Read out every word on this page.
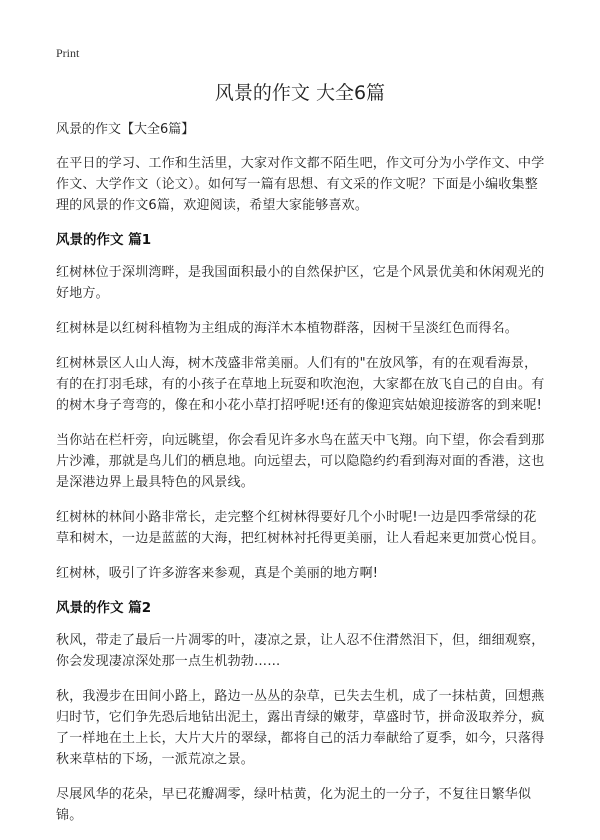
Print
风景的作文 大全6篇

风景的作文【大全6篇】

在平日的学习、工作和生活里，大家对作文都不陌生吧，作文可分为小学作文、中学作文、大学作文（论文）。如何写一篇有思想、有文采的作文呢？下面是小编收集整理的风景的作文6篇，欢迎阅读，希望大家能够喜欢。

风景的作文 篇1

红树林位于深圳湾畔，是我国面积最小的自然保护区，它是个风景优美和休闲观光的好地方。

红树林是以红树科植物为主组成的海洋木本植物群落，因树干呈淡红色而得名。

红树林景区人山人海，树木茂盛非常美丽。人们有的"在放风筝，有的在观看海景，有的在打羽毛球，有的小孩子在草地上玩耍和吹泡泡，大家都在放飞自己的自由。有的树木身子弯弯的，像在和小花小草打招呼呢!还有的像迎宾姑娘迎接游客的到来呢!

当你站在栏杆旁，向远眺望，你会看见许多水鸟在蓝天中飞翔。向下望，你会看到那片沙滩，那就是鸟儿们的栖息地。向远望去，可以隐隐约约看到海对面的香港，这也是深港边界上最具特色的风景线。

红树林的林间小路非常长，走完整个红树林得要好几个小时呢!一边是四季常绿的花草和树木，一边是蓝蓝的大海，把红树林衬托得更美丽，让人看起来更加赏心悦目。

红树林，吸引了许多游客来参观，真是个美丽的地方啊!

风景的作文 篇2

秋风，带走了最后一片凋零的叶，凄凉之景，让人忍不住潸然泪下，但，细细观察，你会发现凄凉深处那一点生机勃勃……

秋，我漫步在田间小路上，路边一丛丛的杂草，已失去生机，成了一抹枯黄，回想燕归时节，它们争先恐后地钻出泥土，露出青绿的嫩芽，草盛时节，拼命汲取养分，疯了一样地在土上长，大片大片的翠绿，都将自己的活力奉献给了夏季，如今，只落得秋来草枯的下场，一派荒凉之景。

尽展风华的花朵，早已花瓣凋零，绿叶枯黄，化为泥土的一分子，不复往日繁华似锦。
